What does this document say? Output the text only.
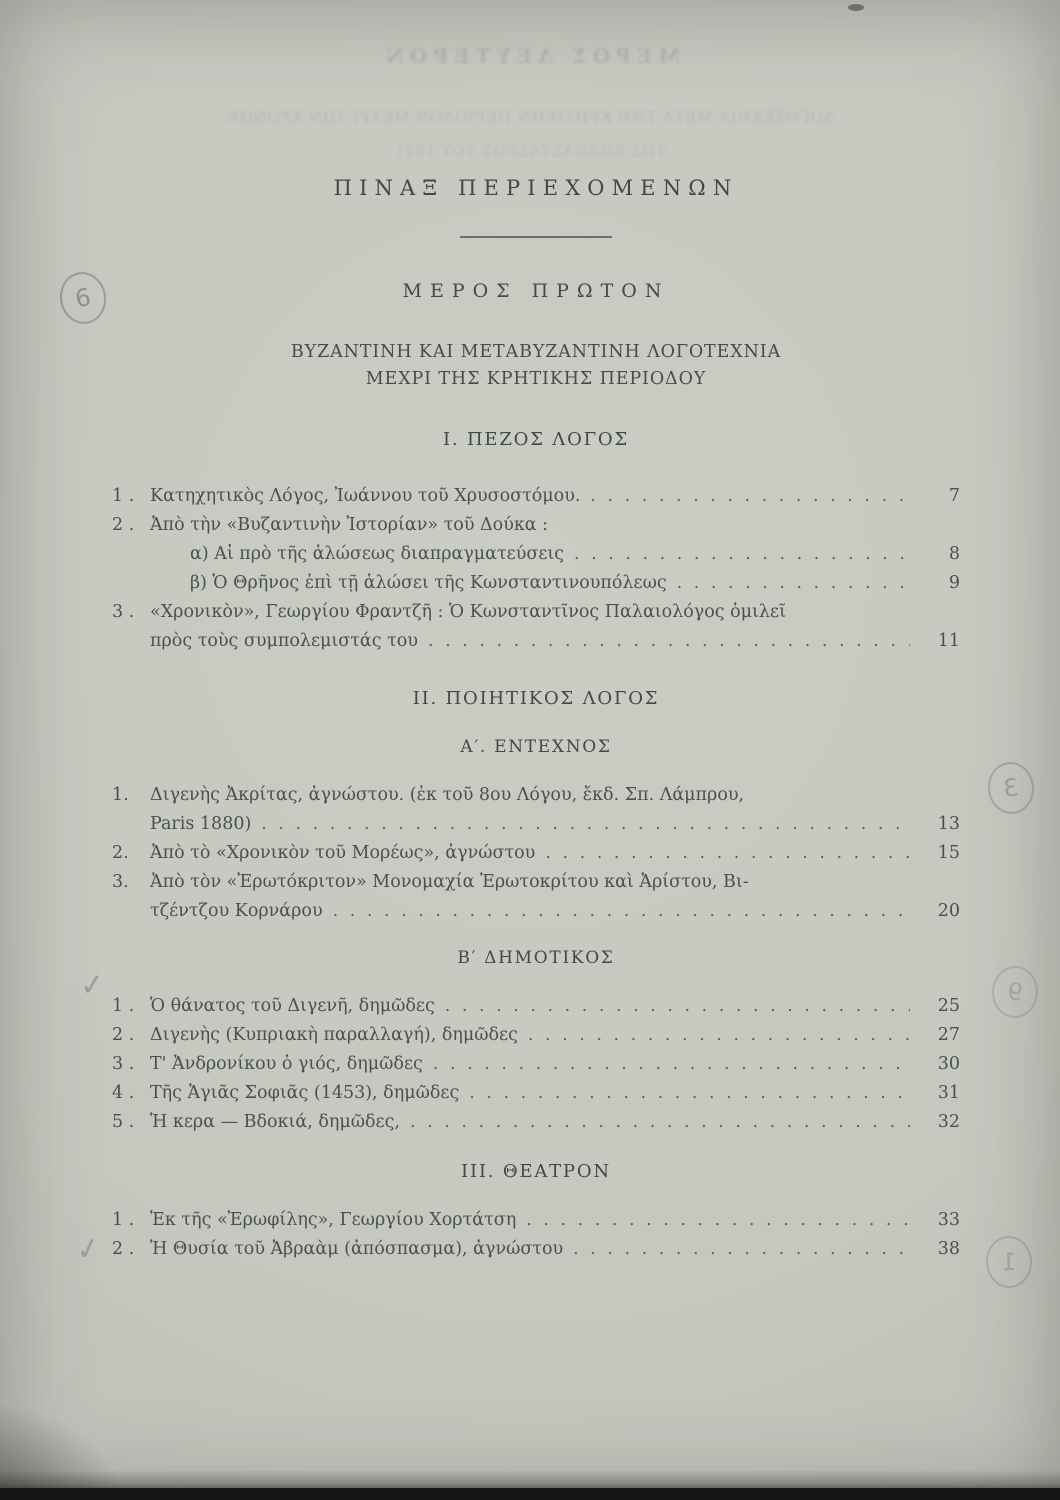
ΜΕΡΟΣ ΔΕΥΤΕΡΟΝ
ΛΟΓΟΤΕΧΝΙΑ ΜΕΤΑ ΤΗΝ ΚΡΗΤΙΚΗΝ ΠΕΡΙΟΔΟΝ ΜΕΧΡΙ ΤΩΝ ΧΡΟΝΩΝ
ΤΗΣ ΕΠΑΝΑΣΤΑΣΕΩΣ ΤΟΥ 1821
ΠΙΝΑΞ ΠΕΡΙΕΧΟΜΕΝΩΝ
ΜΕΡΟΣ ΠΡΩΤΟΝ
ΒΥΖΑΝΤΙΝΗ ΚΑΙ ΜΕΤΑΒΥΖΑΝΤΙΝΗ ΛΟΓΟΤΕΧΝΙΑ
ΜΕΧΡΙ ΤΗΣ ΚΡΗΤΙΚΗΣ ΠΕΡΙΟΔΟΥ
Ι. ΠΕΖΟΣ ΛΟΓΟΣ
1 . Κατηχητικὸς Λόγος, Ἰωάννου τοῦ Χρυσοστόμου. . . .	7
2 . Ἀπὸ τὴν «Βυζαντινὴν Ἱστορίαν» τοῦ Δούκα :
α) Αἱ πρὸ τῆς ἁλώσεως διαπραγματεύσεις . . .	8
β) Ὁ Θρῆνος ἐπὶ τῇ ἁλώσει τῆς Κωνσταντινουπόλεως . . .	9
3 . «Χρονικὸν», Γεωργίου Φραντζῆ : Ὁ Κωνσταντῖνος Παλαιολόγος ὁμιλεῖ
πρὸς τοὺς συμπολεμιστάς του . . .	11
ΙΙ. ΠΟΙΗΤΙΚΟΣ ΛΟΓΟΣ
Α′. ΕΝΤΕΧΝΟΣ
1.	Διγενὴς Ἀκρίτας, ἀγνώστου. (ἐκ τοῦ 8ου Λόγου, ἔκδ. Σπ. Λάμπρου,
Paris 1880) . . .	13
2.	Ἀπὸ τὸ «Χρονικὸν τοῦ Μορέως», ἀγνώστου . . .	15
3.	Ἀπὸ τὸν «Ἐρωτόκριτον» Μονομαχία Ἐρωτοκρίτου καὶ Ἀρίστου, Βι-
τζέντζου Κορνάρου . . .	20
Β′ ΔΗΜΟΤΙΚΟΣ
1 . Ὁ θάνατος τοῦ Διγενῆ, δημῶδες . . .	25
2 . Διγενὴς (Κυπριακὴ παραλλαγή), δημῶδες . . .	27
3 . Τ' Ἀνδρονίκου ὁ γιός, δημῶδες . . .	30
4 . Τῆς Ἁγιᾶς Σοφιᾶς (1453), δημῶδες . . .	31
5 . Ἡ κερα — Βδοκιά, δημῶδες, . . .	32
ΙΙΙ. ΘΕΑΤΡΟΝ
1 . Ἐκ τῆς «Ἐρωφίλης», Γεωργίου Χορτάτση . . .	33
2 . Ἡ Θυσία τοῦ Ἀβραὰμ (ἀπόσπασμα), ἀγνώστου . . .	38
6
3
9
1
✓
✓
